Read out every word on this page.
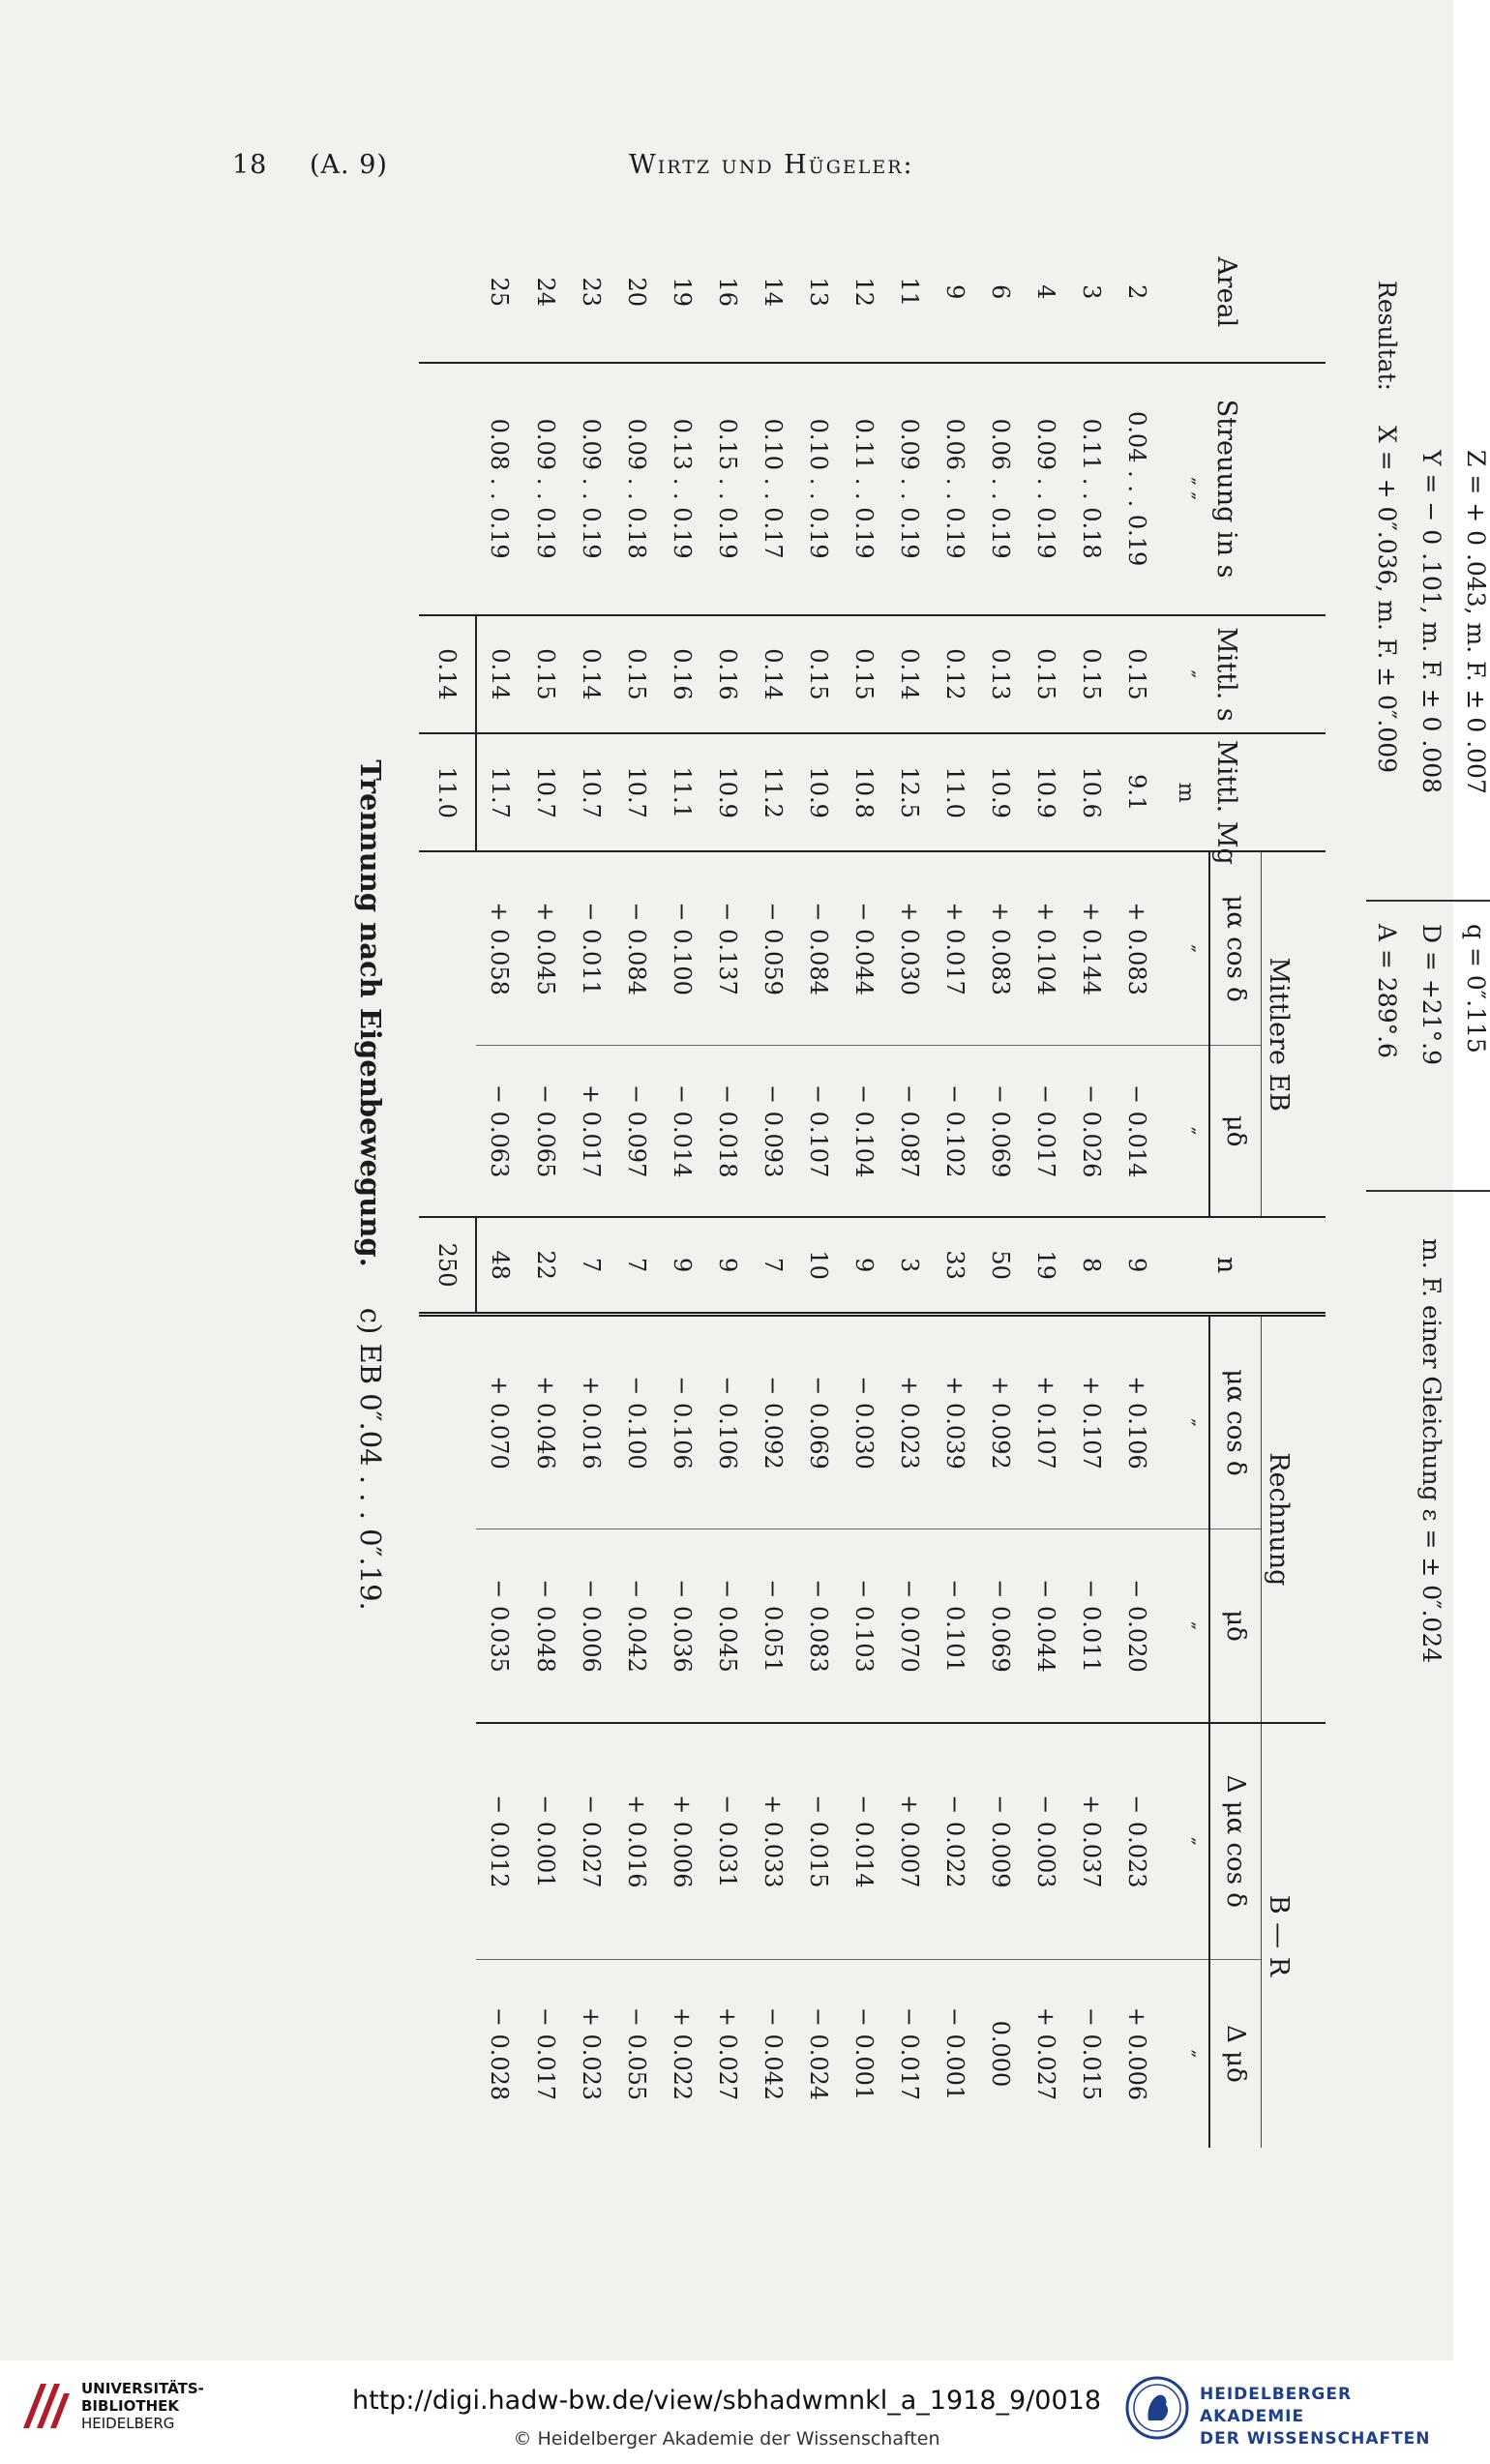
18 (A. 9)	Wirtz und Hügeler:
Resultat:
X = + 0″.036, m. F. ± 0″.009 Y = − 0 .101, m. F. ± 0 .008 Z = + 0 .043, m. F. ± 0 .007
A = 289°.6 D = +21°.9 q = 0″.115
m. F. einer Gleichung ε = ± 0″.024
Areal	Streuung in s	Mittl. s	Mittl. Mg	Mittlere EB		n	Rechnung		B — R	
				μα cos δ	μδ		μα cos δ	μδ	Δ μα cos δ	Δ μδ
	″ ″	″	m	″	″		″	″	″	″
2	0.04 . . . 0.19	0.15	9.1	+ 0.083	− 0.014	9	+ 0.106	− 0.020	− 0.023	+ 0.006
3	0.11 . . 0.18	0.15	10.6	+ 0.144	− 0.026	8	+ 0.107	− 0.011	+ 0.037	− 0.015
4	0.09 . . 0.19	0.15	10.9	+ 0.104	− 0.017	19	+ 0.107	− 0.044	− 0.003	+ 0.027
6	0.06 . . 0.19	0.13	10.9	+ 0.083	− 0.069	50	+ 0.092	− 0.069	− 0.009	0.000
9	0.06 . . 0.19	0.12	11.0	+ 0.017	− 0.102	33	+ 0.039	− 0.101	− 0.022	− 0.001
11	0.09 . . 0.19	0.14	12.5	+ 0.030	− 0.087	3	+ 0.023	− 0.070	+ 0.007	− 0.017
12	0.11 . . 0.19	0.15	10.8	− 0.044	− 0.104	9	− 0.030	− 0.103	− 0.014	− 0.001
13	0.10 . . 0.19	0.15	10.9	− 0.084	− 0.107	10	− 0.069	− 0.083	− 0.015	− 0.024
14	0.10 . . 0.17	0.14	11.2	− 0.059	− 0.093	7	− 0.092	− 0.051	+ 0.033	− 0.042
16	0.15 . . 0.19	0.16	10.9	− 0.137	− 0.018	9	− 0.106	− 0.045	− 0.031	+ 0.027
19	0.13 . . 0.19	0.16	11.1	− 0.100	− 0.014	9	− 0.106	− 0.036	+ 0.006	+ 0.022
20	0.09 . . 0.18	0.15	10.7	− 0.084	− 0.097	7	− 0.100	− 0.042	+ 0.016	− 0.055
23	0.09 . . 0.19	0.14	10.7	− 0.011	+ 0.017	7	+ 0.016	− 0.006	− 0.027	+ 0.023
24	0.09 . . 0.19	0.15	10.7	+ 0.045	− 0.065	22	+ 0.046	− 0.048	− 0.001	− 0.017
25	0.08 . . 0.19	0.14	11.7	+ 0.058	− 0.063	48	+ 0.070	− 0.035	− 0.012	− 0.028
		0.14	11.0			250				
Trennung nach Eigenbewegung.c) EB 0″.04 . . . 0″.19.
UNIVERSITÄTS-
BIBLIOTHEK
HEIDELBERG
http://digi.hadw-bw.de/view/sbhadwmnkl_a_1918_9/0018
© Heidelberger Akademie der Wissenschaften
HEIDELBERGER AKADEMIE
DER WISSENSCHAFTEN
